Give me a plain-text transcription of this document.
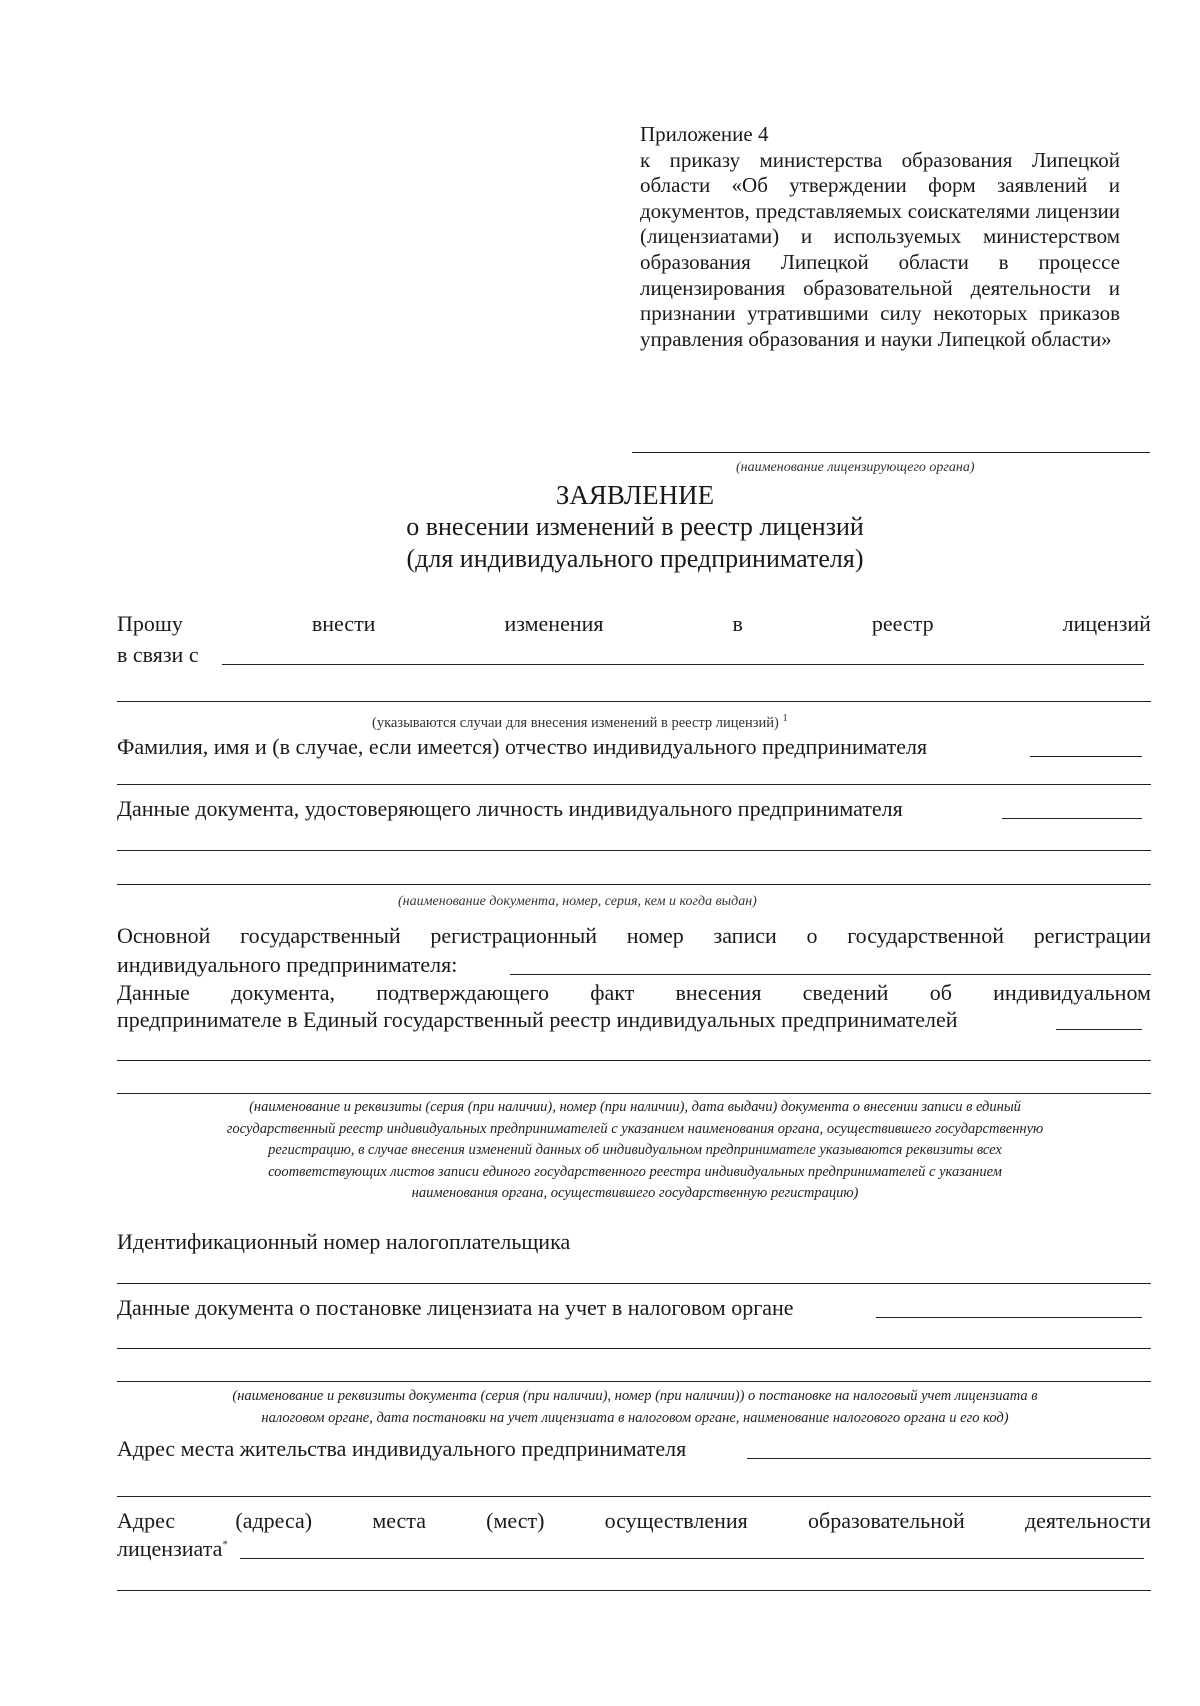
Приложение 4
к приказу министерства образования Липецкой области «Об утверждении форм заявлений и документов, представляемых соискателями лицензии (лицензиатами) и используемых министерством образования Липецкой области в процессе лицензирования образовательной деятельности и признании утратившими силу некоторых приказов управления образования и науки Липецкой области»
(наименование лицензирующего органа)
ЗАЯВЛЕНИЕ
о внесении изменений в реестр лицензий
(для индивидуального предпринимателя)
Прошу	внести	изменения	в	реестр	лицензий
в связи с
(указываются случаи для внесения изменений в реестр лицензий) $^1$
Фамилия, имя и (в случае, если имеется) отчество индивидуального предпринимателя
Данные документа, удостоверяющего личность индивидуального предпринимателя
(наименование документа, номер, серия, кем и когда выдан)
Основной государственный регистрационный номер записи о государственной регистрации
индивидуального предпринимателя:
Данные документа, подтверждающего факт внесения сведений об индивидуальном
предпринимателе в Единый государственный реестр индивидуальных предпринимателей
(наименование и реквизиты (серия (при наличии), номер (при наличии), дата выдачи) документа о внесении записи в единый
государственный реестр индивидуальных предпринимателей с указанием наименования органа, осуществившего государственную
регистрацию, в случае внесения изменений данных об индивидуальном предпринимателе указываются реквизиты всех
соответствующих листов записи единого государственного реестра индивидуальных предпринимателей с указанием
наименования органа, осуществившего государственную регистрацию)
Идентификационный номер налогоплательщика
Данные документа о постановке лицензиата на учет в налоговом органе
(наименование и реквизиты документа (серия (при наличии), номер (при наличии)) о постановке на налоговый учет лицензиата в
налоговом органе, дата постановки на учет лицензиата в налоговом органе, наименование налогового органа и его код)
Адрес места жительства индивидуального предпринимателя
Адрес	(адреса)	места	(мест)	осуществления	образовательной	деятельности
лицензиата*
